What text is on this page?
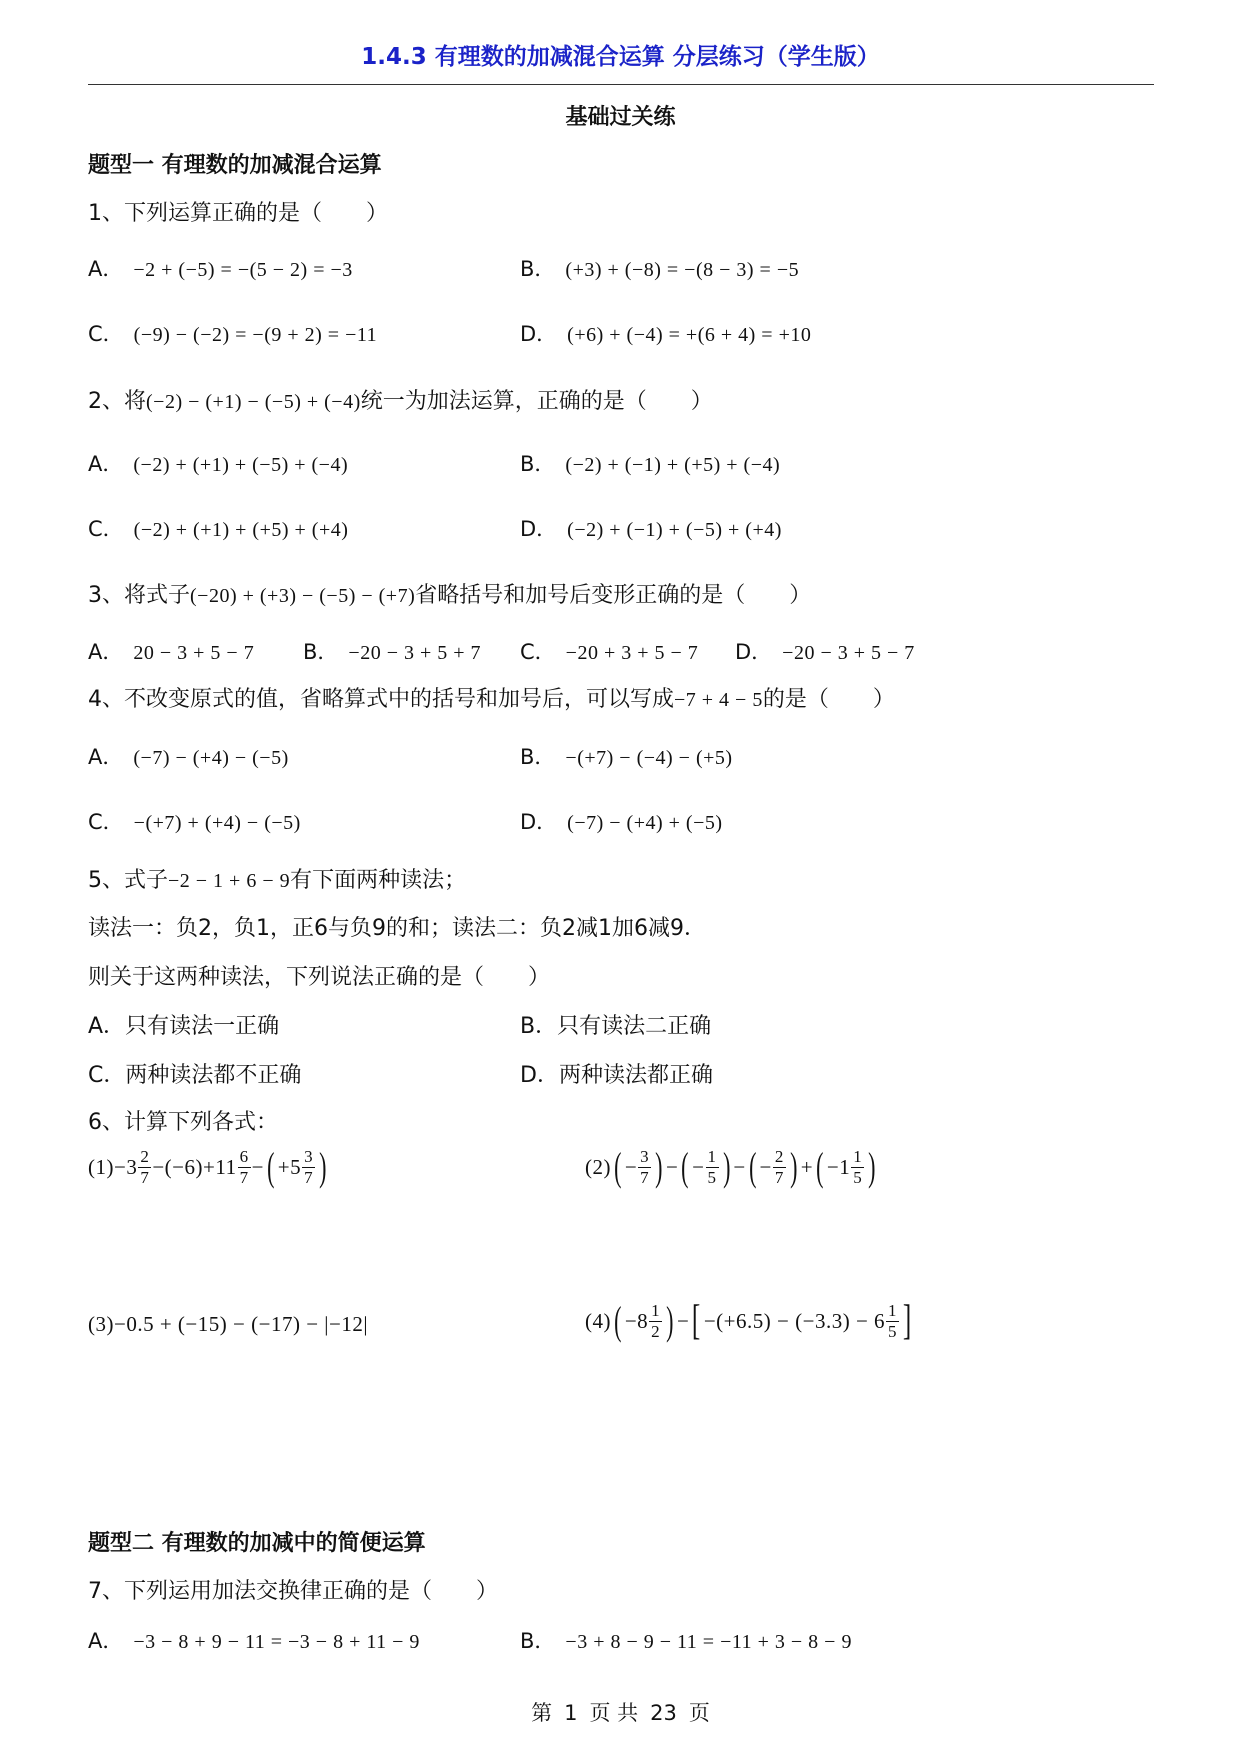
1.4.3 有理数的加减混合运算 分层练习（学生版）
基础过关练
题型一 有理数的加减混合运算
1、下列运算正确的是（　　）
A． −2 + (−5) = −(5 − 2) = −3	B． (+3) + (−8) = −(8 − 3) = −5
C． (−9) − (−2) = −(9 + 2) = −11	D． (+6) + (−4) = +(6 + 4) = +10
2、将(−2) − (+1) − (−5) + (−4)统一为加法运算，正确的是（　　）
A． (−2) + (+1) + (−5) + (−4)	B． (−2) + (−1) + (+5) + (−4)
C． (−2) + (+1) + (+5) + (+4)	D． (−2) + (−1) + (−5) + (+4)
3、将式子(−20) + (+3) − (−5) − (+7)省略括号和加号后变形正确的是（　　）
A． 20 − 3 + 5 − 7 B． −20 − 3 + 5 + 7 C． −20 + 3 + 5 − 7 D． −20 − 3 + 5 − 7
4、不改变原式的值，省略算式中的括号和加号后，可以写成−7 + 4 − 5的是（　　）
A． (−7) − (+4) − (−5)	B． −(+7) − (−4) − (+5)
C． −(+7) + (+4) − (−5)	D． (−7) − (+4) + (−5)
5、式子−2 − 1 + 6 − 9有下面两种读法；
读法一：负2，负1，正6与负9的和；读法二：负2减1加6减9．
则关于这两种读法，下列说法正确的是（　　）
A．只有读法一正确	B．只有读法二正确
C．两种读法都不正确	D．两种读法都正确
6、计算下列各式：
$(1) -3 \frac{2}{7} -(-6)+11 \frac{6}{7}$ − ( $+5 \frac{3}{7}$ )	(2) ( − $\frac{3}{7}$ ) − ( − $\frac{1}{5}$ ) − ( − $\frac{2}{7}$ ) + ( $-1 \frac{1}{5}$ )
(3) −0.5 + (−15) − (−17) − |−12|	(4) ( $-8 \frac{1}{2}$ ) − [ $-(+6.5) - (-3.3) - 6 \frac{1}{5}$ ]
题型二 有理数的加减中的简便运算
7、下列运用加法交换律正确的是（　　）
A． −3 − 8 + 9 − 11 = −3 − 8 + 11 − 9	B． −3 + 8 − 9 − 11 = −11 + 3 − 8 − 9
第 1 页 共 23 页
